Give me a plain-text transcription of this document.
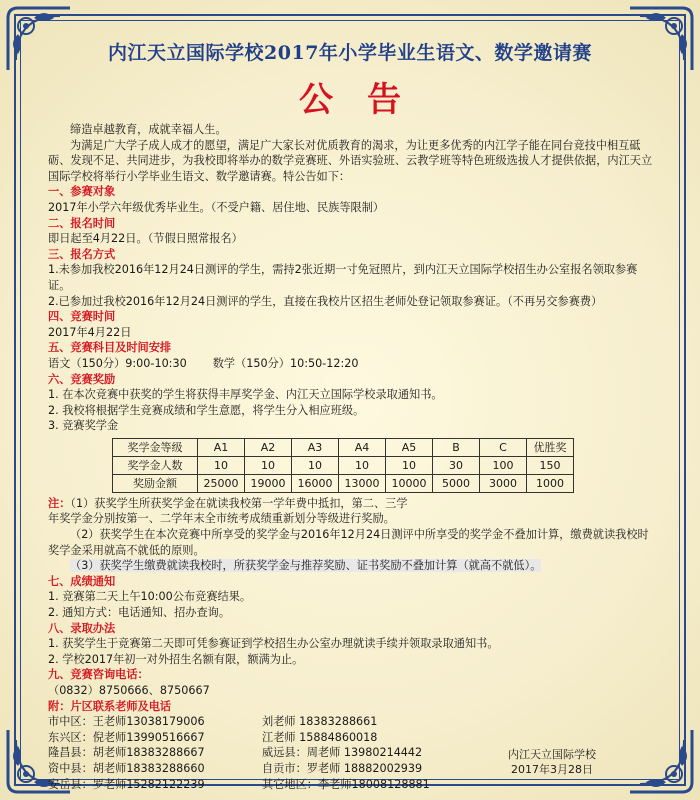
内江天立国际学校2017年小学毕业生语文、数学邀请赛
公告

缔造卓越教育，成就幸福人生。

为满足广大学子成人成才的愿望，满足广大家长对优质教育的渴求，为让更多优秀的内江学子能在同台竞技中相互砥砺、发现不足、共同进步，为我校即将举办的数学竞赛班、外语实验班、云教学班等特色班级选拔人才提供依据，内江天立国际学校将举行小学毕业生语文、数学邀请赛。特公告如下：

一、参赛对象

2017年小学六年级优秀毕业生。（不受户籍、居住地、民族等限制）

二、报名时间

即日起至4月22日。（节假日照常报名）

三、报名方式

1.未参加我校2016年12月24日测评的学生，需持2张近期一寸免冠照片，到内江天立国际学校招生办公室报名领取参赛证。

2.已参加过我校2016年12月24日测评的学生，直接在我校片区招生老师处登记领取参赛证。（不再另交参赛费）

四、竞赛时间

2017年4月22日

五、竞赛科目及时间安排

语文（150分）9:00-10:30 数学（150分）10:50-12:20

六、竞赛奖励

1. 在本次竞赛中获奖的学生将获得丰厚奖学金、内江天立国际学校录取通知书。

2. 我校将根据学生竞赛成绩和学生意愿，将学生分入相应班级。

3. 竞赛奖学金

奖学金等级	A1	A2	A3	A4	A5	B	C	优胜奖
奖学金人数	10	10	10	10	10	30	100	150
奖励金额	25000	19000	16000	13000	10000	5000	3000	1000

注：（1）获奖学生所获奖学金在就读我校第一学年费中抵扣，第二、三学

年奖学金分别按第一、二学年末全市统考成绩重新划分等级进行奖励。

（2）获奖学生在本次竞赛中所享受的奖学金与2016年12月24日测评中所享受的奖学金不叠加计算，缴费就读我校时奖学金采用就高不就低的原则。

（3）获奖学生缴费就读我校时，所获奖学金与推荐奖励、证书奖励不叠加计算（就高不就低）。

七、成绩通知

1. 竞赛第二天上午10:00公布竞赛结果。

2. 通知方式：电话通知、招办查询。

八、录取办法

1. 获奖学生于竞赛第二天即可凭参赛证到学校招生办公室办理就读手续并领取录取通知书。

2. 学校2017年初一对外招生名额有限，额满为止。

九、竞赛咨询电话：

（0832）8750666、8750667

附：片区联系老师及电话

市中区：王老师13038179006	刘老师 18383288661
东兴区：倪老师13990516667	江老师 15884860018
隆昌县：胡老师18383288667	威远县：周老师 13980214442
资中县：胡老师18383288660	自贡市：罗老师 18882002939
安岳县：罗老师15282122239	其它地区：李老师18008128881
内江天立国际学校
2017年3月28日
